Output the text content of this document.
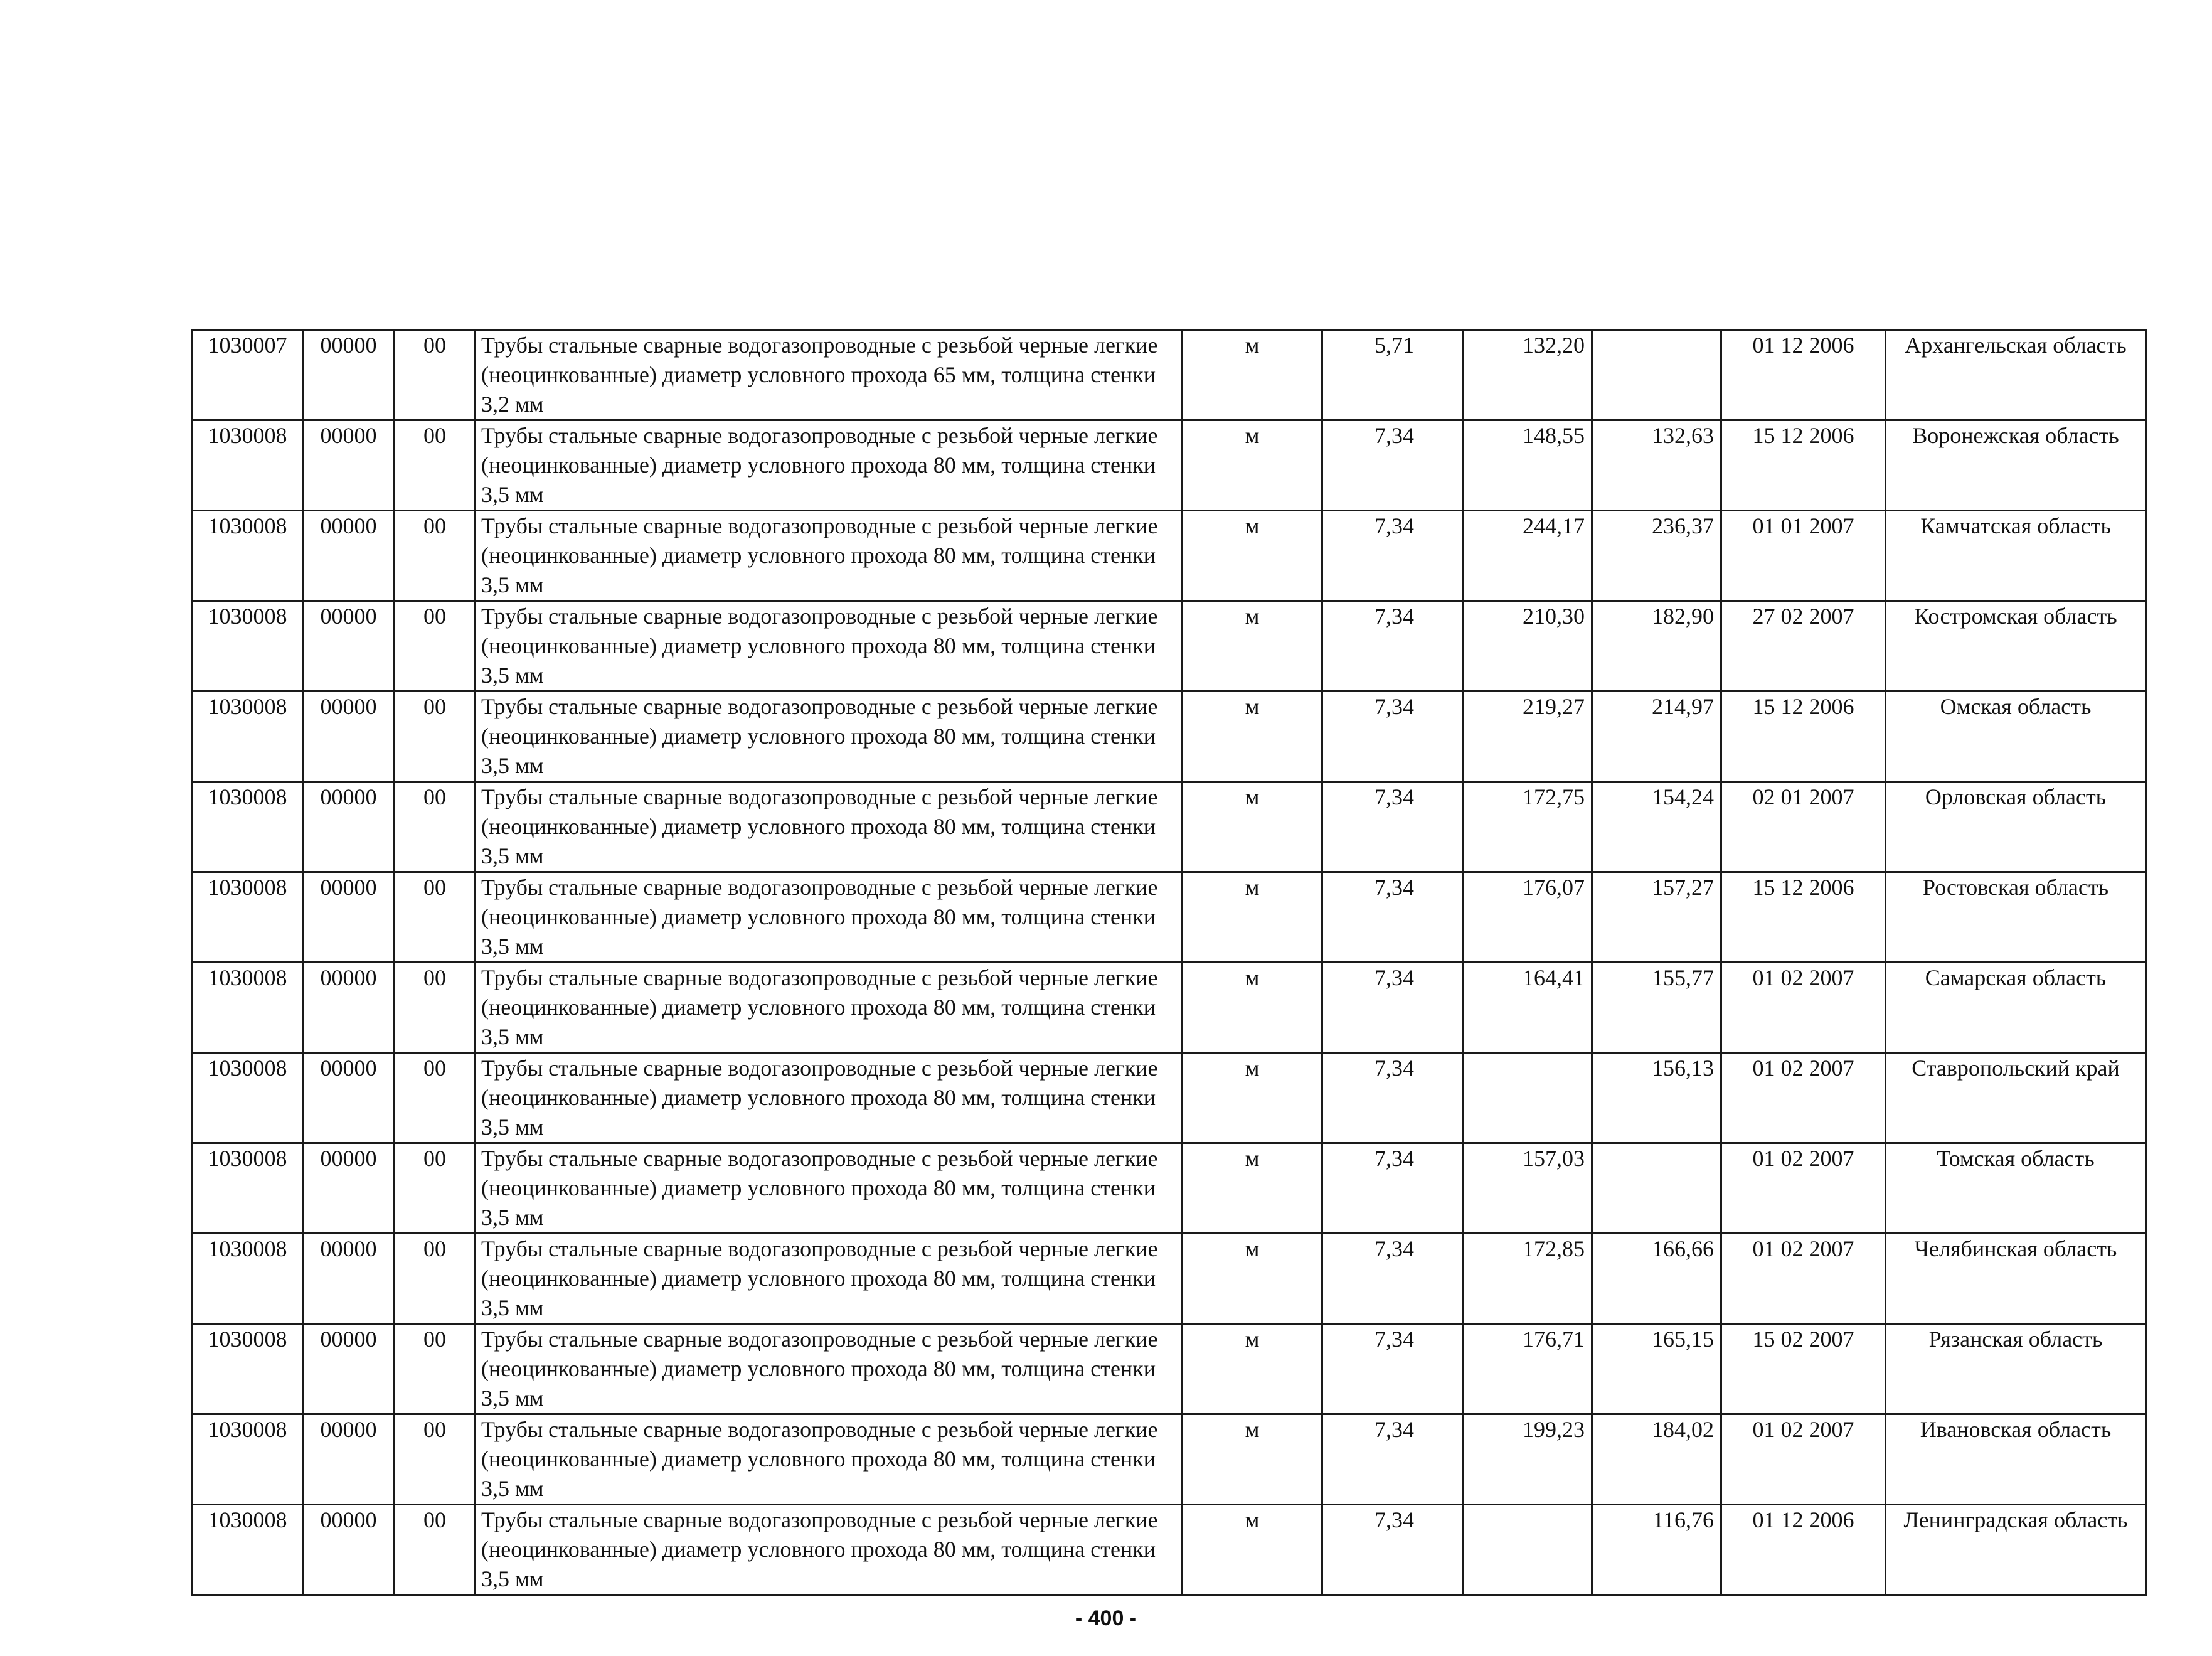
1030007	00000	00	Трубы стальные сварные водогазопроводные с резьбой черные легкие (неоцинкованные) диаметр условного прохода 65 мм, толщина стенки 3,2 мм	м	5,71	132,20		01 12 2006	Архангельская область
1030008	00000	00	Трубы стальные сварные водогазопроводные с резьбой черные легкие (неоцинкованные) диаметр условного прохода 80 мм, толщина стенки 3,5 мм	м	7,34	148,55	132,63	15 12 2006	Воронежская область
1030008	00000	00	Трубы стальные сварные водогазопроводные с резьбой черные легкие (неоцинкованные) диаметр условного прохода 80 мм, толщина стенки 3,5 мм	м	7,34	244,17	236,37	01 01 2007	Камчатская область
1030008	00000	00	Трубы стальные сварные водогазопроводные с резьбой черные легкие (неоцинкованные) диаметр условного прохода 80 мм, толщина стенки 3,5 мм	м	7,34	210,30	182,90	27 02 2007	Костромская область
1030008	00000	00	Трубы стальные сварные водогазопроводные с резьбой черные легкие (неоцинкованные) диаметр условного прохода 80 мм, толщина стенки 3,5 мм	м	7,34	219,27	214,97	15 12 2006	Омская область
1030008	00000	00	Трубы стальные сварные водогазопроводные с резьбой черные легкие (неоцинкованные) диаметр условного прохода 80 мм, толщина стенки 3,5 мм	м	7,34	172,75	154,24	02 01 2007	Орловская область
1030008	00000	00	Трубы стальные сварные водогазопроводные с резьбой черные легкие (неоцинкованные) диаметр условного прохода 80 мм, толщина стенки 3,5 мм	м	7,34	176,07	157,27	15 12 2006	Ростовская область
1030008	00000	00	Трубы стальные сварные водогазопроводные с резьбой черные легкие (неоцинкованные) диаметр условного прохода 80 мм, толщина стенки 3,5 мм	м	7,34	164,41	155,77	01 02 2007	Самарская область
1030008	00000	00	Трубы стальные сварные водогазопроводные с резьбой черные легкие (неоцинкованные) диаметр условного прохода 80 мм, толщина стенки 3,5 мм	м	7,34		156,13	01 02 2007	Ставропольский край
1030008	00000	00	Трубы стальные сварные водогазопроводные с резьбой черные легкие (неоцинкованные) диаметр условного прохода 80 мм, толщина стенки 3,5 мм	м	7,34	157,03		01 02 2007	Томская область
1030008	00000	00	Трубы стальные сварные водогазопроводные с резьбой черные легкие (неоцинкованные) диаметр условного прохода 80 мм, толщина стенки 3,5 мм	м	7,34	172,85	166,66	01 02 2007	Челябинская область
1030008	00000	00	Трубы стальные сварные водогазопроводные с резьбой черные легкие (неоцинкованные) диаметр условного прохода 80 мм, толщина стенки 3,5 мм	м	7,34	176,71	165,15	15 02 2007	Рязанская область
1030008	00000	00	Трубы стальные сварные водогазопроводные с резьбой черные легкие (неоцинкованные) диаметр условного прохода 80 мм, толщина стенки 3,5 мм	м	7,34	199,23	184,02	01 02 2007	Ивановская область
1030008	00000	00	Трубы стальные сварные водогазопроводные с резьбой черные легкие (неоцинкованные) диаметр условного прохода 80 мм, толщина стенки 3,5 мм	м	7,34		116,76	01 12 2006	Ленинградская область
- 400 -
